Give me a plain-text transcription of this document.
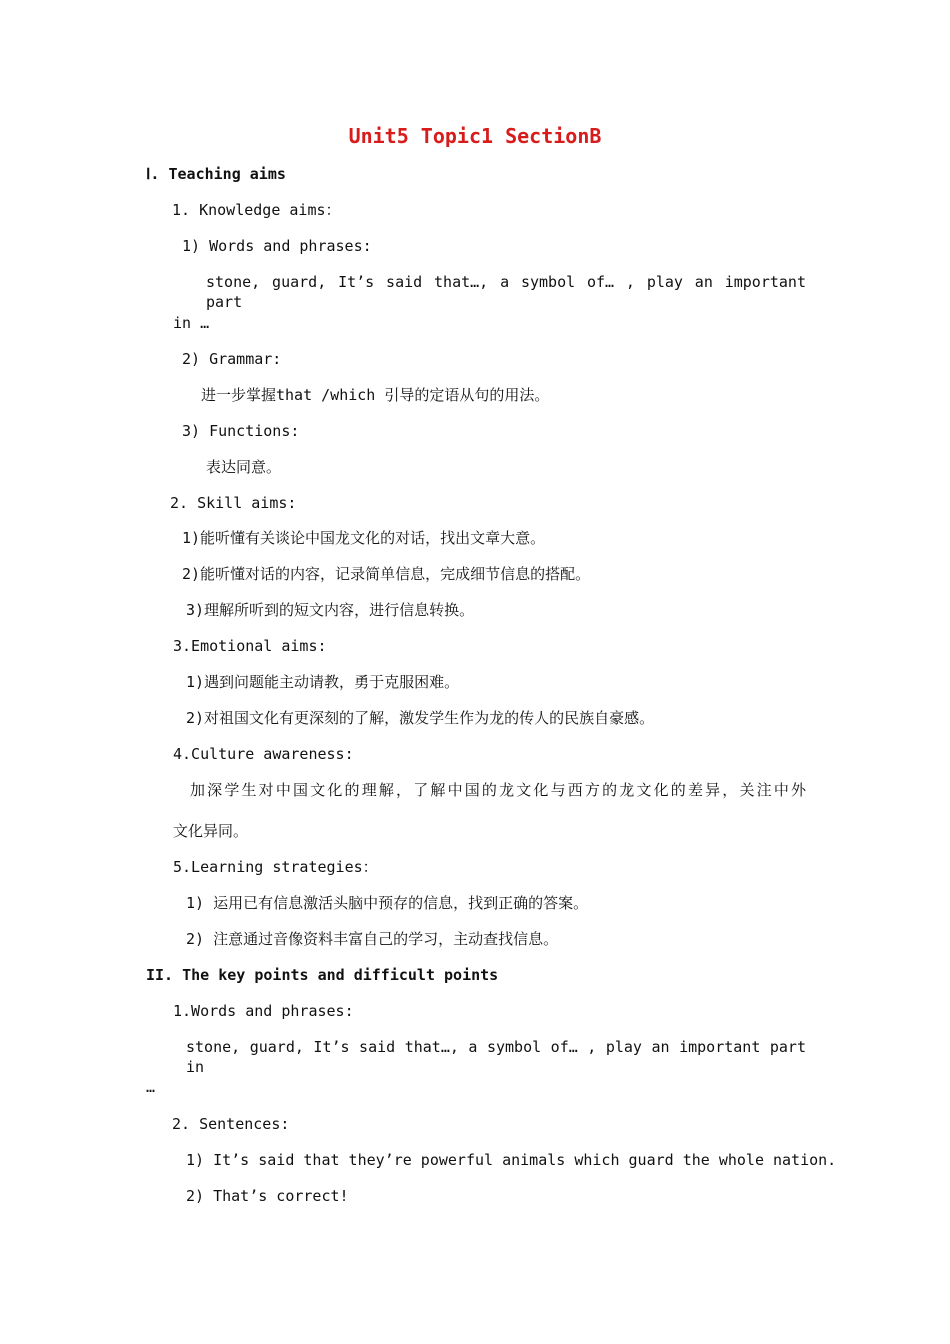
Unit5 Topic1 SectionB
Ⅰ. Teaching aims
1. Knowledge aims：
1) Words and phrases:
stone, guard, It’s said that…, a symbol of… , play an important part
in …
2) Grammar:
进一步掌握that /which 引导的定语从句的用法。
3) Functions:
表达同意。
2. Skill aims:
1)能听懂有关谈论中国龙文化的对话，找出文章大意。
2)能听懂对话的内容，记录简单信息，完成细节信息的搭配。
3)理解所听到的短文内容，进行信息转换。
3.Emotional aims:
1)遇到问题能主动请教，勇于克服困难。
2)对祖国文化有更深刻的了解，激发学生作为龙的传人的民族自豪感。
4.Culture awareness:
加深学生对中国文化的理解，了解中国的龙文化与西方的龙文化的差异，关注中外
文化异同。
5.Learning strategies：
1) 运用已有信息激活头脑中预存的信息，找到正确的答案。
2) 注意通过音像资料丰富自己的学习，主动查找信息。
II. The key points and difficult points
1.Words and phrases:
stone, guard, It’s said that…, a symbol of… , play an important part in
…
2. Sentences:
1) It’s said that they’re powerful animals which guard the whole nation.
2) That’s correct!
